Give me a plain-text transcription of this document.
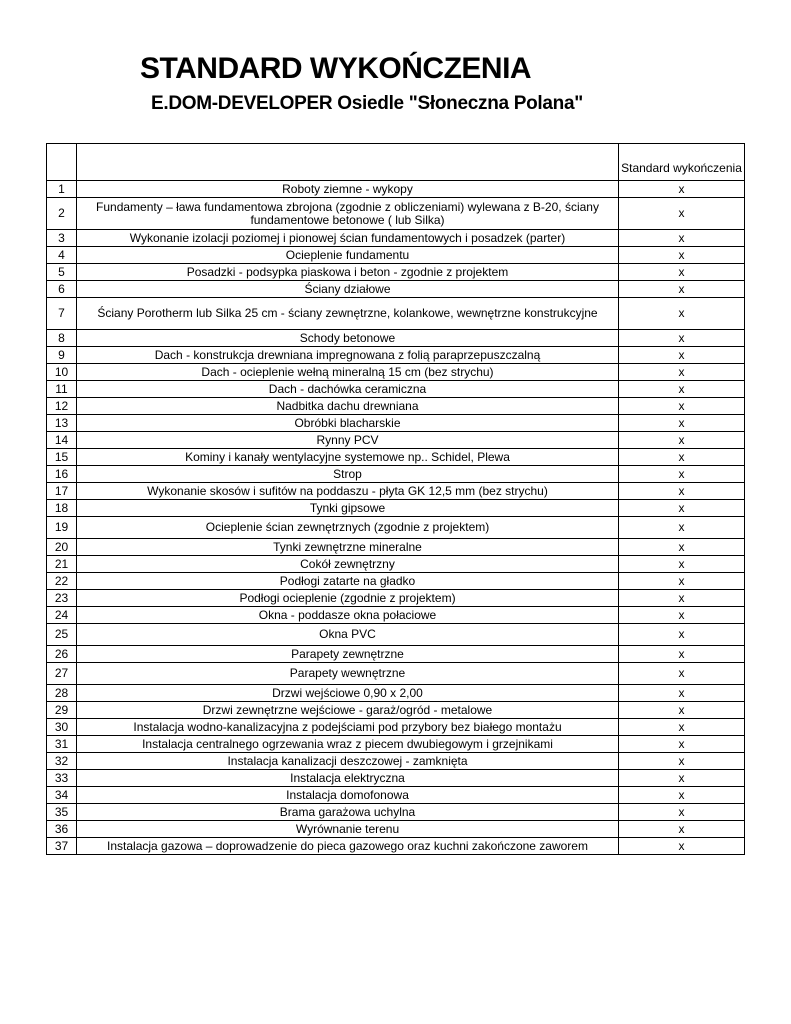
STANDARD WYKOŃCZENIA
E.DOM-DEVELOPER Osiedle "Słoneczna Polana"
		Standard wykończenia
1	Roboty ziemne - wykopy	x
2	Fundamenty – ława fundamentowa zbrojona (zgodnie z obliczeniami) wylewana z B-20, ściany fundamentowe betonowe ( lub Silka)	x
3	Wykonanie izolacji poziomej i pionowej ścian fundamentowych i posadzek (parter)	x
4	Ocieplenie fundamentu	x
5	Posadzki - podsypka piaskowa i beton - zgodnie z projektem	x
6	Ściany działowe	x
7	Ściany Porotherm lub Silka 25 cm - ściany zewnętrzne, kolankowe, wewnętrzne konstrukcyjne	x
8	Schody betonowe	x
9	Dach - konstrukcja drewniana impregnowana z folią paraprzepuszczalną	x
10	Dach - ocieplenie wełną mineralną 15 cm (bez strychu)	x
11	Dach - dachówka ceramiczna	x
12	Nadbitka dachu drewniana	x
13	Obróbki blacharskie	x
14	Rynny PCV	x
15	Kominy i kanały wentylacyjne systemowe np.. Schidel, Plewa	x
16	Strop	x
17	Wykonanie skosów i sufitów na poddaszu - płyta GK 12,5 mm (bez strychu)	x
18	Tynki gipsowe	x
19	Ocieplenie ścian zewnętrznych (zgodnie z projektem)	x
20	Tynki zewnętrzne mineralne	x
21	Cokół zewnętrzny	x
22	Podłogi zatarte na gładko	x
23	Podłogi ocieplenie (zgodnie z projektem)	x
24	Okna - poddasze okna połaciowe	x
25	Okna PVC	x
26	Parapety zewnętrzne	x
27	Parapety wewnętrzne	x
28	Drzwi wejściowe 0,90 x 2,00	x
29	Drzwi zewnętrzne wejściowe - garaż/ogród - metalowe	x
30	Instalacja wodno-kanalizacyjna z podejściami pod przybory bez białego montażu	x
31	Instalacja centralnego ogrzewania wraz z piecem dwubiegowym i grzejnikami	x
32	Instalacja kanalizacji deszczowej - zamknięta	x
33	Instalacja elektryczna	x
34	Instalacja domofonowa	x
35	Brama garażowa uchylna	x
36	Wyrównanie terenu	x
37	Instalacja gazowa – doprowadzenie do pieca gazowego oraz kuchni zakończone zaworem	x
